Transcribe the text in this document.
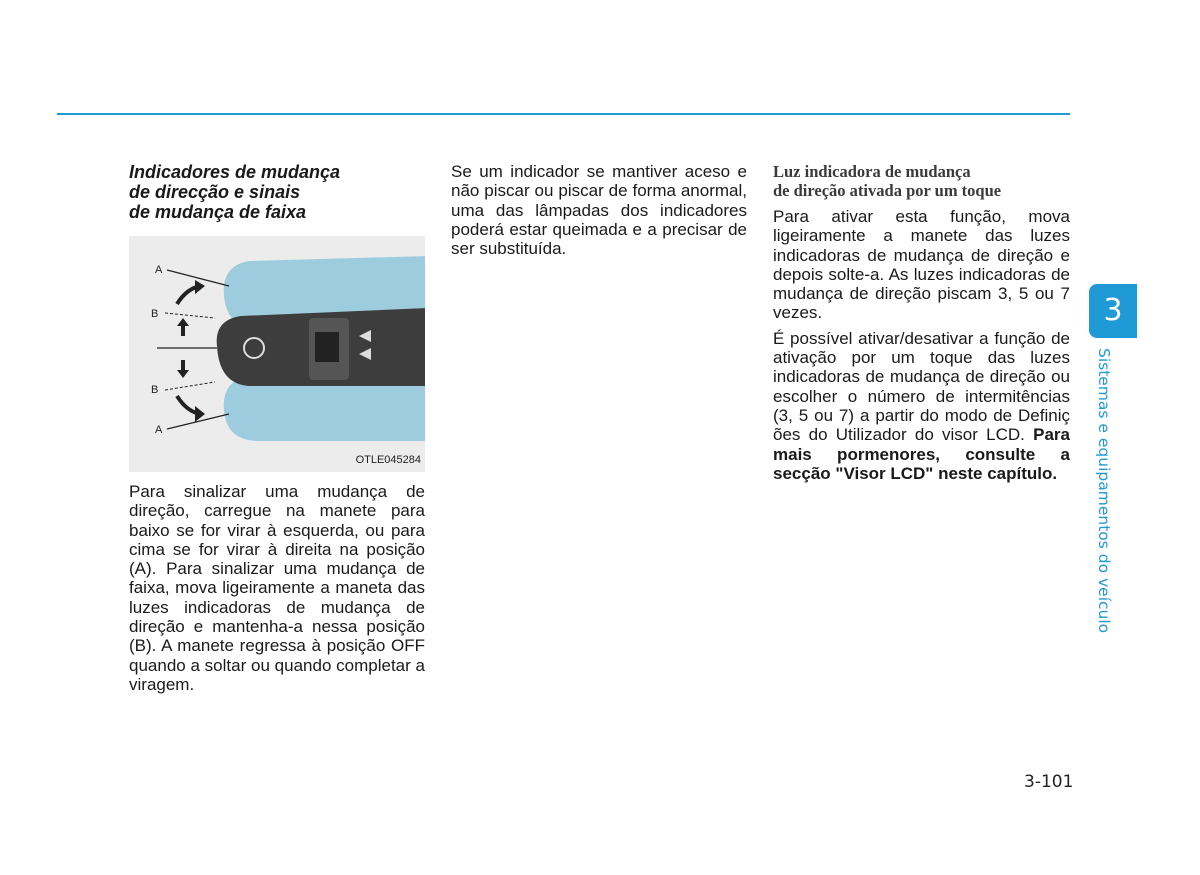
Indicadores de mudança
de direcção e sinais
de mudança de faixa
A
B
B
A
OTLE045284

Para sinalizar uma mudança de direção, carregue na manete para baixo se for virar à esquerda, ou para cima se for virar à direita na posição (A). Para sinalizar uma mudança de faixa, mova ligeiramente a maneta das luzes indicadoras de mudança de direção e mantenha-a nessa posição (B). A manete regressa à posição OFF quando a soltar ou quando completar a viragem.

Se um indicador se mantiver aceso e não piscar ou piscar de forma anormal, uma das lâmpadas dos indicadores poderá estar queimada e a precisar de ser substituída.

Luz indicadora de mudança
de direção ativada por um toque

Para ativar esta função, mova ligeiramente a manete das luzes indicadoras de mudança de direção e depois solte-a. As luzes indicadoras de mudança de direção piscam 3, 5 ou 7 vezes.

É possível ativar/desativar a função de ativação por um toque das luzes indicadoras de mudança de direção ou escolher o número de intermitências (3, 5 ou 7) a partir do modo de Definiç ões do Utilizador do visor LCD. Para mais pormenores, consulte a secção "Visor LCD" neste capítulo.

3
Sistemas e equipamentos do veículo
3-101
